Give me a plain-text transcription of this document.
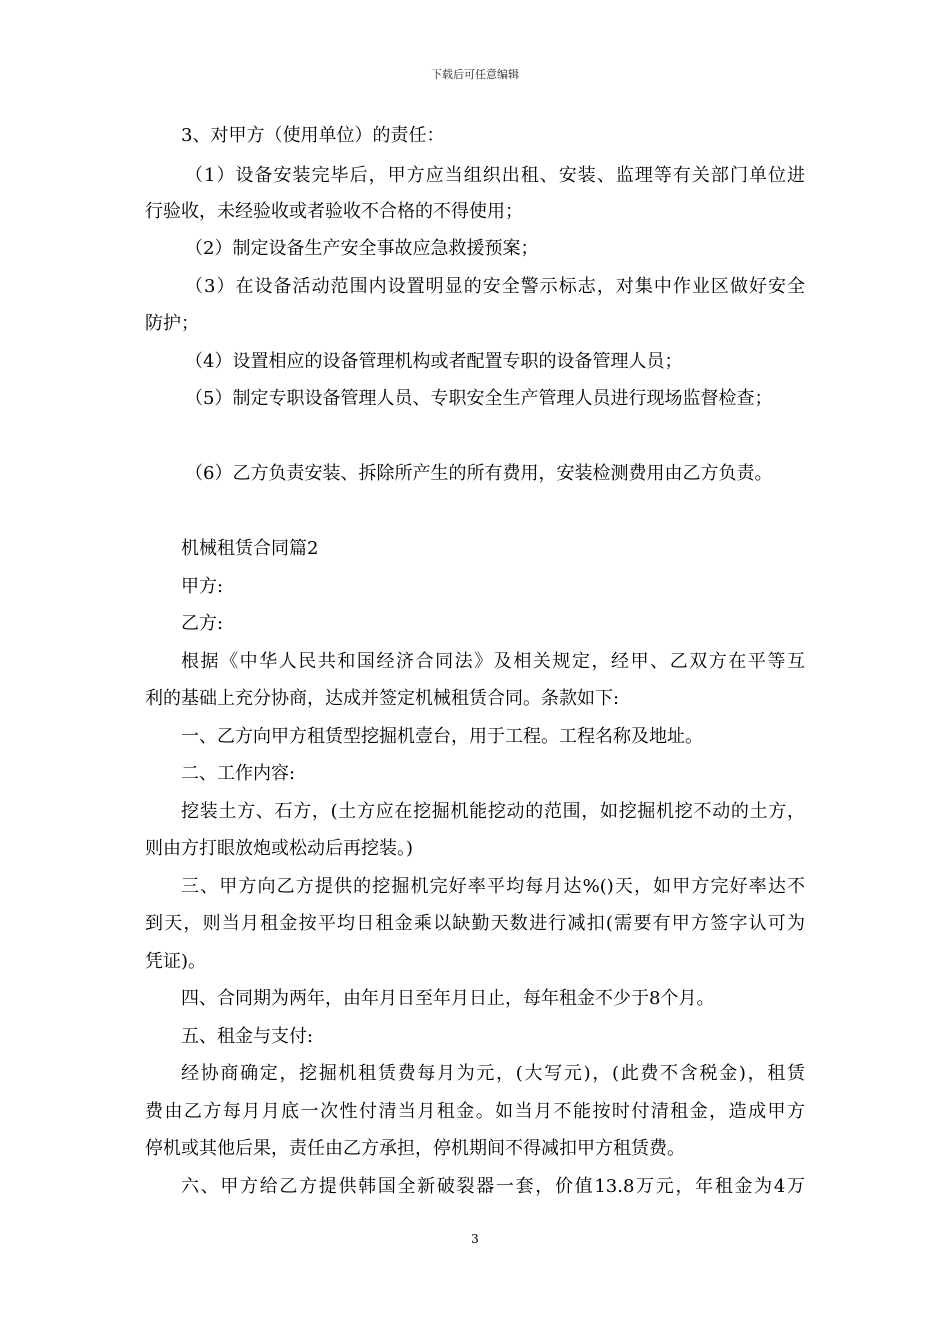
下载后可任意编辑
3、对甲方（使用单位）的责任：
（1）设备安装完毕后，甲方应当组织出租、安装、监理等有关部门单位进
行验收，未经验收或者验收不合格的不得使用；
（2）制定设备生产安全事故应急救援预案；
（3）在设备活动范围内设置明显的安全警示标志，对集中作业区做好安全
防护；
（4）设置相应的设备管理机构或者配置专职的设备管理人员；
（5）制定专职设备管理人员、专职安全生产管理人员进行现场监督检查；
（6）乙方负责安装、拆除所产生的所有费用，安装检测费用由乙方负责。
机械租赁合同篇2
甲方:
乙方:
根据《中华人民共和国经济合同法》及相关规定，经甲、乙双方在平等互
利的基础上充分协商，达成并签定机械租赁合同。条款如下:
一、乙方向甲方租赁型挖掘机壹台，用于工程。工程名称及地址。
二、工作内容:
挖装土方、石方，(土方应在挖掘机能挖动的范围，如挖掘机挖不动的土方，
则由方打眼放炮或松动后再挖装。)
三、甲方向乙方提供的挖掘机完好率平均每月达%()天，如甲方完好率达不
到天，则当月租金按平均日租金乘以缺勤天数进行减扣(需要有甲方签字认可为
凭证)。
四、合同期为两年，由年月日至年月日止，每年租金不少于8个月。
五、租金与支付:
经协商确定，挖掘机租赁费每月为元，(大写元)，(此费不含税金)，租赁
费由乙方每月月底一次性付清当月租金。如当月不能按时付清租金，造成甲方
停机或其他后果，责任由乙方承担，停机期间不得减扣甲方租赁费。
六、甲方给乙方提供韩国全新破裂器一套，价值13.8万元，年租金为4万
3
